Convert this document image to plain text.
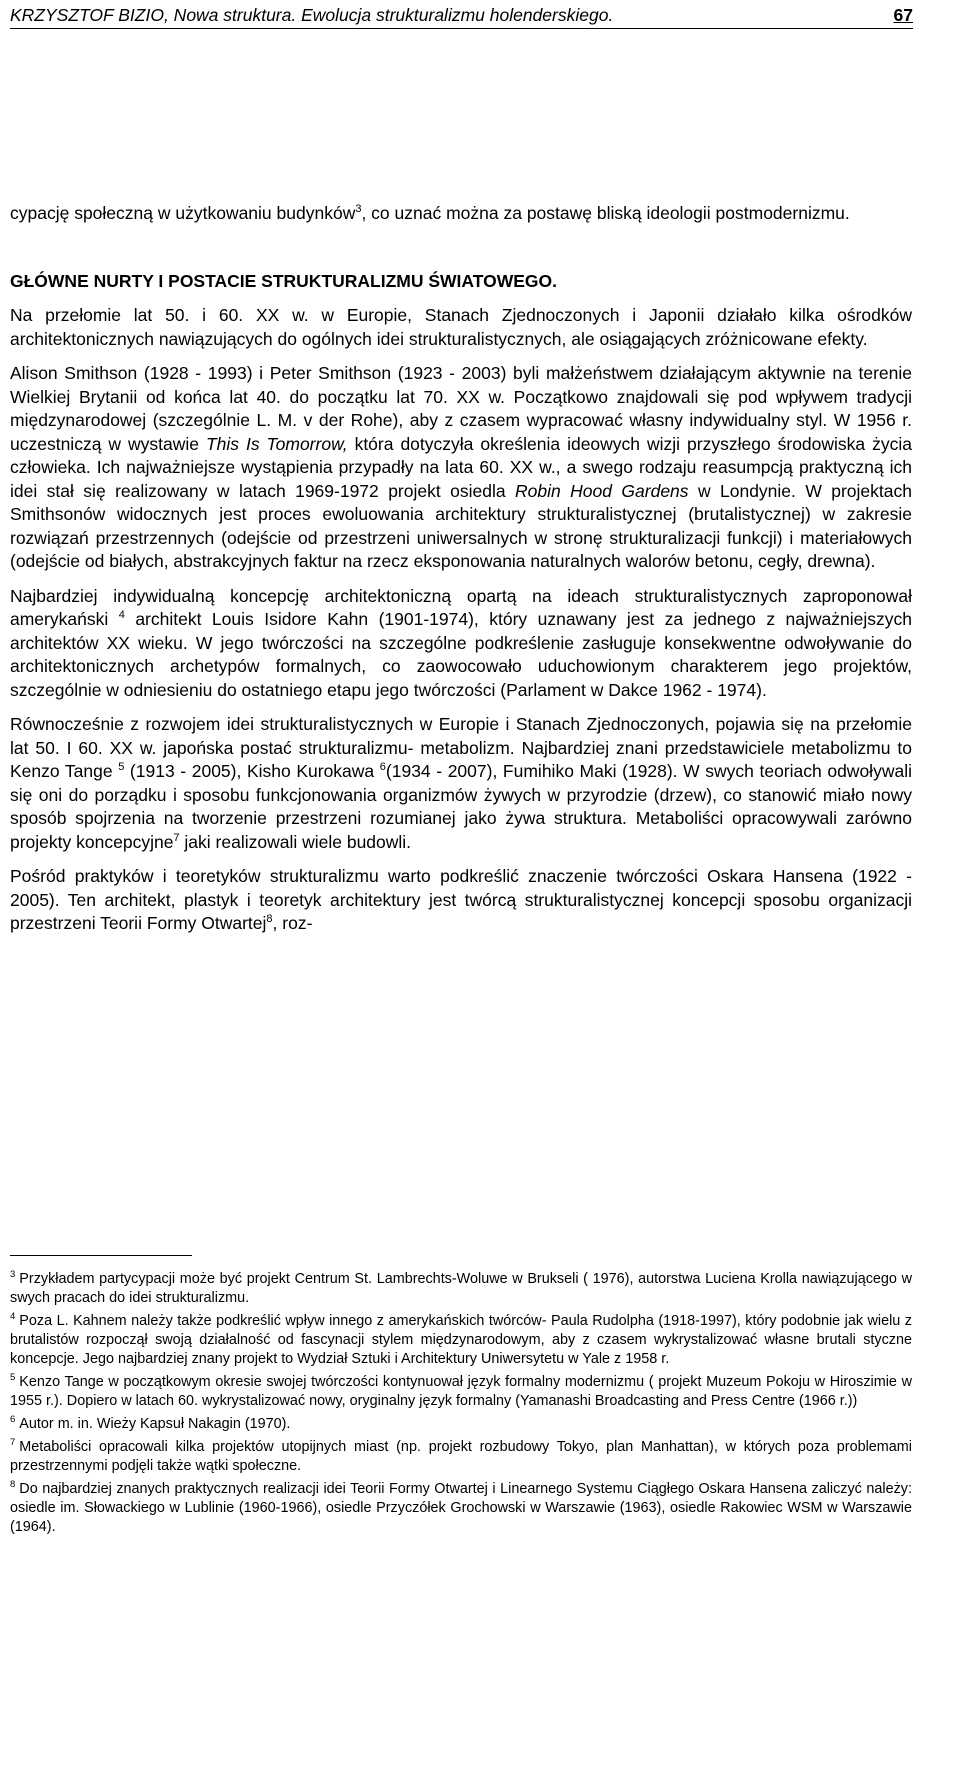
KRZYSZTOF BIZIO, Nowa struktura. Ewolucja strukturalizmu holenderskiego.	67

cypację społeczną w użytkowaniu budynków$^3$, co uznać można za postawę bliską ideologii postmodernizmu.

GŁÓWNE NURTY I POSTACIE STRUKTURALIZMU ŚWIATOWEGO.

Na przełomie lat 50. i 60. XX w. w Europie, Stanach Zjednoczonych i Japonii działało kilka ośrodków architektonicznych nawiązujących do ogólnych idei strukturalistycznych, ale osiągających zróżnicowane efekty.

Alison Smithson (1928 - 1993) i Peter Smithson (1923 - 2003) byli małżeństwem działającym aktywnie na terenie Wielkiej Brytanii od końca lat 40. do początku lat 70. XX w. Początkowo znajdowali się pod wpływem tradycji międzynarodowej (szczególnie L. M. v der Rohe), aby z czasem wypracować własny indywidualny styl. W 1956 r. uczestniczą w wystawie This Is Tomorrow, która dotyczyła określenia ideowych wizji przyszłego środowiska życia człowieka. Ich najważniejsze wystąpienia przypadły na lata 60. XX w., a swego rodzaju reasumpcją praktyczną ich idei stał się realizowany w latach 1969-1972 projekt osiedla Robin Hood Gardens w Londynie. W projektach Smithsonów widocznych jest proces ewoluowania architektury strukturalistycznej (brutalistycznej) w zakresie rozwiązań przestrzennych (odejście od przestrzeni uniwersalnych w stronę strukturalizacji funkcji) i materiałowych (odejście od białych, abstrakcyjnych faktur na rzecz eksponowania naturalnych walorów betonu, cegły, drewna).

Najbardziej indywidualną koncepcję architektoniczną opartą na ideach strukturalistycznych zaproponował amerykański $^4$ architekt Louis Isidore Kahn (1901-1974), który uznawany jest za jednego z najważniejszych architektów XX wieku. W jego twórczości na szczególne podkreślenie zasługuje konsekwentne odwoływanie do architektonicznych archetypów formalnych, co zaowocowało uduchowionym charakterem jego projektów, szczególnie w odniesieniu do ostatniego etapu jego twórczości (Parlament w Dakce 1962 - 1974).

Równocześnie z rozwojem idei strukturalistycznych w Europie i Stanach Zjednoczonych, pojawia się na przełomie lat 50. I 60. XX w. japońska postać strukturalizmu- metabolizm. Najbardziej znani przedstawiciele metabolizmu to Kenzo Tange $^5$ (1913 - 2005), Kisho Kurokawa $^6$(1934 - 2007), Fumihiko Maki (1928). W swych teoriach odwoływali się oni do porządku i sposobu funkcjonowania organizmów żywych w przyrodzie (drzew), co stanowić miało nowy sposób spojrzenia na tworzenie przestrzeni rozumianej jako żywa struktura. Metaboliści opracowywali zarówno projekty koncepcyjne$^7$ jaki realizowali wiele budowli.

Pośród praktyków i teoretyków strukturalizmu warto podkreślić znaczenie twórczości Oskara Hansena (1922 - 2005). Ten architekt, plastyk i teoretyk architektury jest twórcą strukturalistycznej koncepcji sposobu organizacji przestrzeni Teorii Formy Otwartej$^8$, roz-

$^3$ Przykładem partycypacji może być projekt Centrum St. Lambrechts-Woluwe w Brukseli ( 1976), autorstwa Luciena Krolla nawiązującego w swych pracach do idei strukturalizmu.

$^4$ Poza L. Kahnem należy także podkreślić wpływ innego z amerykańskich twórców- Paula Rudolpha (1918-1997), który podobnie jak wielu z brutalistów rozpoczął swoją działalność od fascynacji stylem międzynarodowym, aby z czasem wykrystalizować własne brutali styczne koncepcje. Jego najbardziej znany projekt to Wydział Sztuki i Architektury Uniwersytetu w Yale z 1958 r.

$^5$ Kenzo Tange w początkowym okresie swojej twórczości kontynuował język formalny modernizmu ( projekt Muzeum Pokoju w Hiroszimie w 1955 r.). Dopiero w latach 60. wykrystalizować nowy, oryginalny język formalny (Yamanashi Broadcasting and Press Centre (1966 r.))

$^6$ Autor m. in. Wieży Kapsuł Nakagin (1970).

$^7$ Metaboliści opracowali kilka projektów utopijnych miast (np. projekt rozbudowy Tokyo, plan Manhattan), w których poza problemami przestrzennymi podjęli także wątki społeczne.

$^8$ Do najbardziej znanych praktycznych realizacji idei Teorii Formy Otwartej i Linearnego Systemu Ciągłego Oskara Hansena zaliczyć należy: osiedle im. Słowackiego w Lublinie (1960-1966), osiedle Przyczółek Grochowski w Warszawie (1963), osiedle Rakowiec WSM w Warszawie (1964).
